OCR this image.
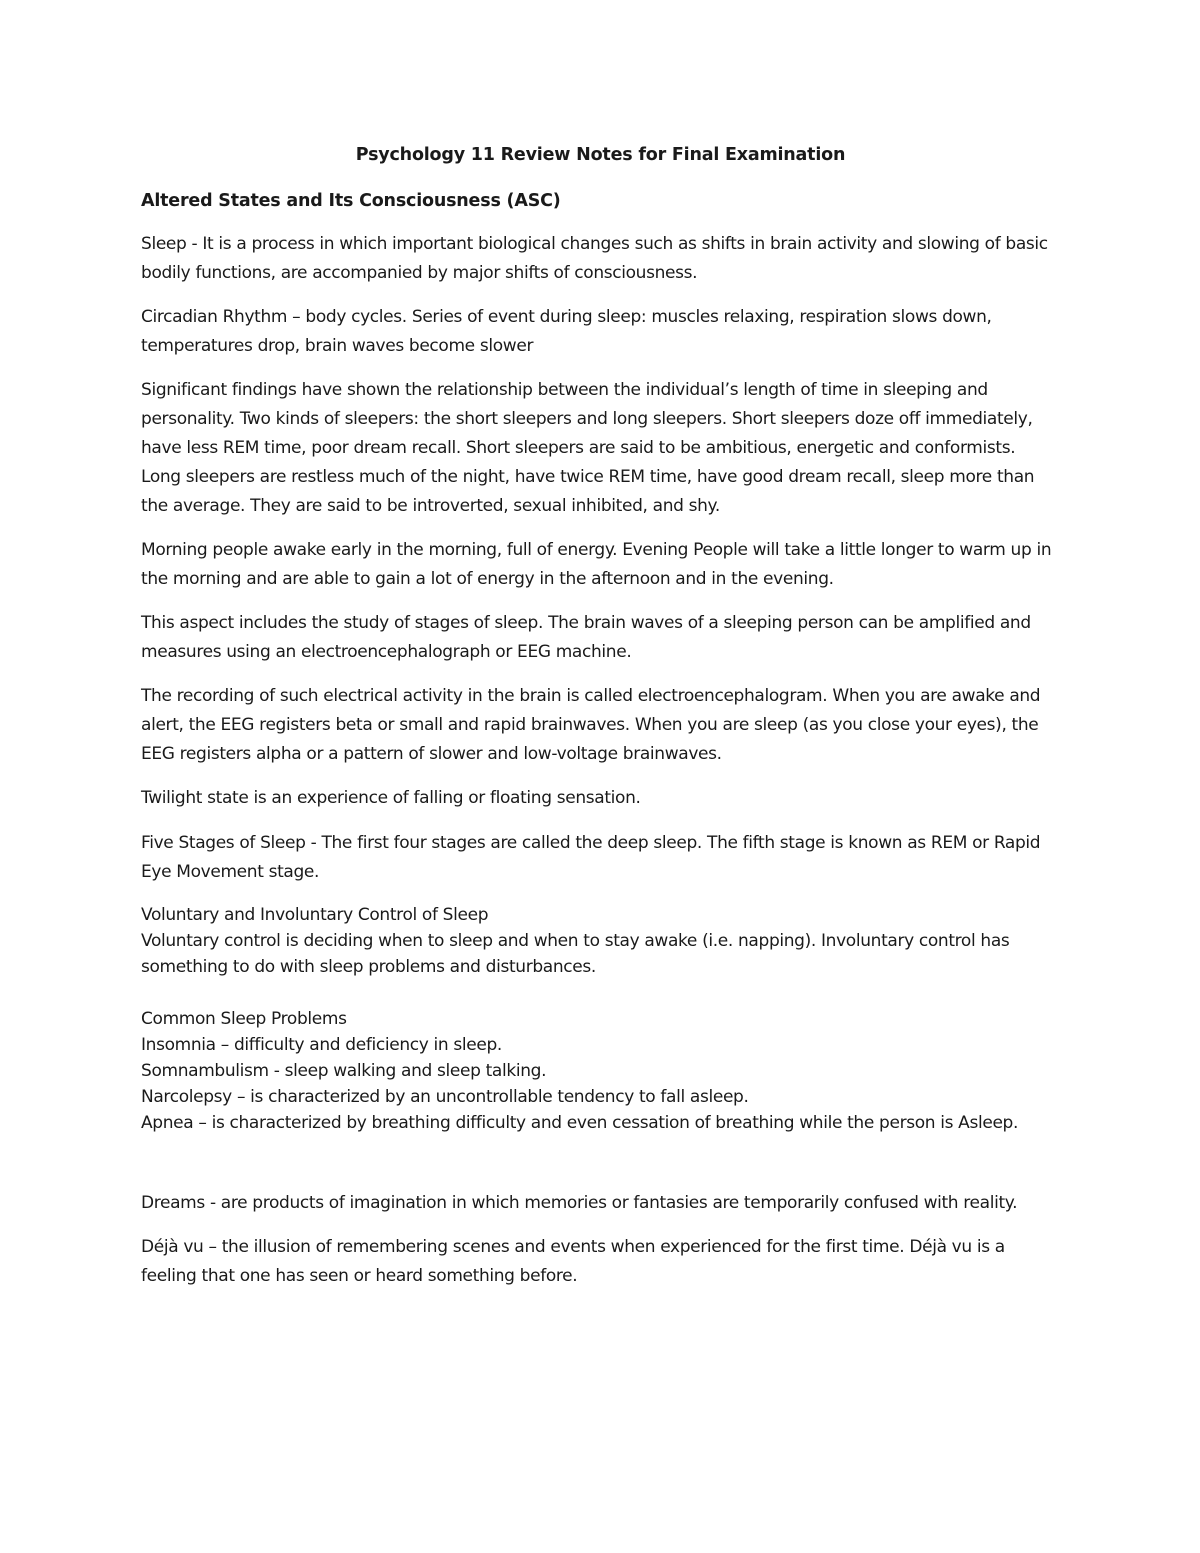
Psychology 11 Review Notes for Final Examination
Altered States and Its Consciousness (ASC)

Sleep - It is a process in which important biological changes such as shifts in brain activity and slowing of basic bodily functions, are accompanied by major shifts of consciousness.

Circadian Rhythm – body cycles. Series of event during sleep: muscles relaxing, respiration slows down, temperatures drop, brain waves become slower

Significant findings have shown the relationship between the individual’s length of time in sleeping and personality. Two kinds of sleepers: the short sleepers and long sleepers. Short sleepers doze off immediately, have less REM time, poor dream recall. Short sleepers are said to be ambitious, energetic and conformists. Long sleepers are restless much of the night, have twice REM time, have good dream recall, sleep more than the average. They are said to be introverted, sexual inhibited, and shy.

Morning people awake early in the morning, full of energy. Evening People will take a little longer to warm up in the morning and are able to gain a lot of energy in the afternoon and in the evening.

This aspect includes the study of stages of sleep. The brain waves of a sleeping person can be amplified and measures using an electroencephalograph or EEG machine.

The recording of such electrical activity in the brain is called electroencephalogram. When you are awake and alert, the EEG registers beta or small and rapid brainwaves. When you are sleep (as you close your eyes), the EEG registers alpha or a pattern of slower and low-voltage brainwaves.

Twilight state is an experience of falling or floating sensation.

Five Stages of Sleep - The first four stages are called the deep sleep. The fifth stage is known as REM or Rapid Eye Movement stage.

Voluntary and Involuntary Control of Sleep
Voluntary control is deciding when to sleep and when to stay awake (i.e. napping). Involuntary control has something to do with sleep problems and disturbances.
Common Sleep Problems
Insomnia – difficulty and deficiency in sleep.
Somnambulism - sleep walking and sleep talking.
Narcolepsy – is characterized by an uncontrollable tendency to fall asleep.
Apnea – is characterized by breathing difficulty and even cessation of breathing while the person is Asleep.

Dreams - are products of imagination in which memories or fantasies are temporarily confused with reality.

Déjà vu – the illusion of remembering scenes and events when experienced for the first time. Déjà vu is a feeling that one has seen or heard something before.
